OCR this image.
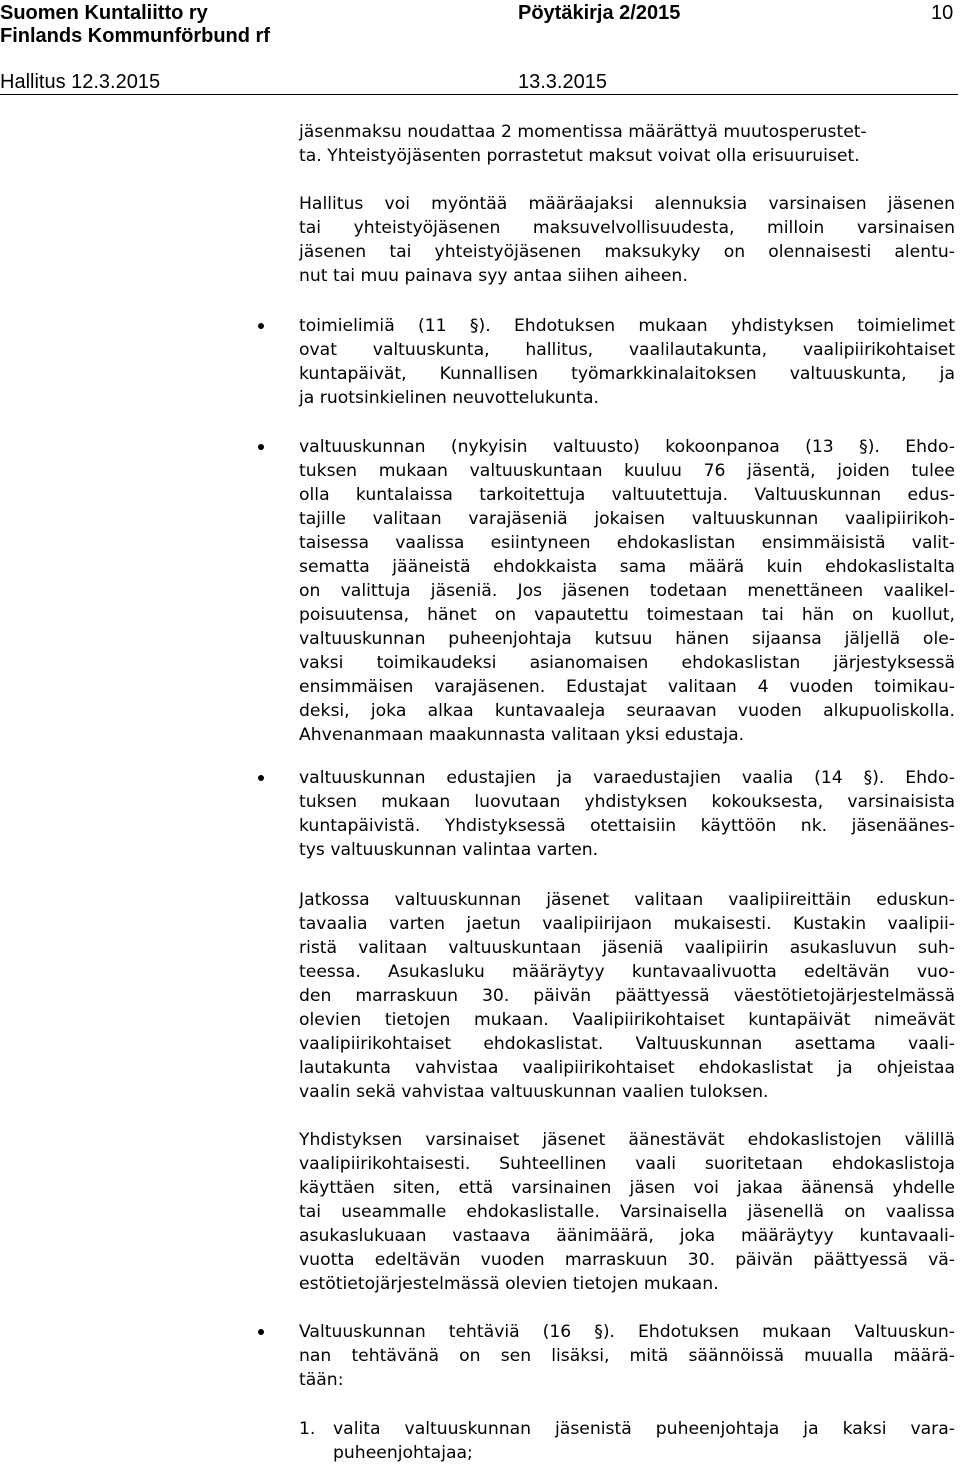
Suomen Kuntaliitto ry
Finlands Kommunförbund rf
Pöytäkirja 2/2015	10
Hallitus 12.3.2015	13.3.2015
jäsenmaksu noudattaa 2 momentissa määrättyä muutosperustet-
ta. Yhteistyöjäsenten porrastetut maksut voivat olla erisuuruiset.
Hallitus voi myöntää määräajaksi alennuksia varsinaisen jäsenen
tai yhteistyöjäsenen maksuvelvollisuudesta, milloin varsinaisen
jäsenen tai yhteistyöjäsenen maksukyky on olennaisesti alentu-
nut tai muu painava syy antaa siihen aiheen.
toimielimiä (11 §). Ehdotuksen mukaan yhdistyksen toimielimet
ovat valtuuskunta, hallitus, vaalilautakunta, vaalipiirikohtaiset
kuntapäivät, Kunnallisen työmarkkinalaitoksen valtuuskunta, ja
ja ruotsinkielinen neuvottelukunta.
valtuuskunnan (nykyisin valtuusto) kokoonpanoa (13 §). Ehdo-
tuksen mukaan valtuuskuntaan kuuluu 76 jäsentä, joiden tulee
olla kuntalaissa tarkoitettuja valtuutettuja. Valtuuskunnan edus-
tajille valitaan varajäseniä jokaisen valtuuskunnan vaalipiirikoh-
taisessa vaalissa esiintyneen ehdokaslistan ensimmäisistä valit-
sematta jääneistä ehdokkaista sama määrä kuin ehdokaslistalta
on valittuja jäseniä. Jos jäsenen todetaan menettäneen vaalikel-
poisuutensa, hänet on vapautettu toimestaan tai hän on kuollut,
valtuuskunnan puheenjohtaja kutsuu hänen sijaansa jäljellä ole-
vaksi toimikaudeksi asianomaisen ehdokaslistan järjestyksessä
ensimmäisen varajäsenen. Edustajat valitaan 4 vuoden toimikau-
deksi, joka alkaa kuntavaaleja seuraavan vuoden alkupuoliskolla.
Ahvenanmaan maakunnasta valitaan yksi edustaja.
valtuuskunnan edustajien ja varaedustajien vaalia (14 §). Ehdo-
tuksen mukaan luovutaan yhdistyksen kokouksesta, varsinaisista
kuntapäivistä. Yhdistyksessä otettaisiin käyttöön nk. jäsenäänes-
tys valtuuskunnan valintaa varten.
Jatkossa valtuuskunnan jäsenet valitaan vaalipiireittäin eduskun-
tavaalia varten jaetun vaalipiirijaon mukaisesti. Kustakin vaalipii-
ristä valitaan valtuuskuntaan jäseniä vaalipiirin asukasluvun suh-
teessa. Asukasluku määräytyy kuntavaalivuotta edeltävän vuo-
den marraskuun 30. päivän päättyessä väestötietojärjestelmässä
olevien tietojen mukaan. Vaalipiirikohtaiset kuntapäivät nimeävät
vaalipiirikohtaiset ehdokaslistat. Valtuuskunnan asettama vaali-
lautakunta vahvistaa vaalipiirikohtaiset ehdokaslistat ja ohjeistaa
vaalin sekä vahvistaa valtuuskunnan vaalien tuloksen.
Yhdistyksen varsinaiset jäsenet äänestävät ehdokaslistojen välillä
vaalipiirikohtaisesti. Suhteellinen vaali suoritetaan ehdokaslistoja
käyttäen siten, että varsinainen jäsen voi jakaa äänensä yhdelle
tai useammalle ehdokaslistalle. Varsinaisella jäsenellä on vaalissa
asukaslukuaan vastaava äänimäärä, joka määräytyy kuntavaali-
vuotta edeltävän vuoden marraskuun 30. päivän päättyessä vä-
estötietojärjestelmässä olevien tietojen mukaan.
Valtuuskunnan tehtäviä (16 §). Ehdotuksen mukaan Valtuuskun-
nan tehtävänä on sen lisäksi, mitä säännöissä muualla määrä-
tään:
1. valita valtuuskunnan jäsenistä puheenjohtaja ja kaksi vara-
puheenjohtajaa;
